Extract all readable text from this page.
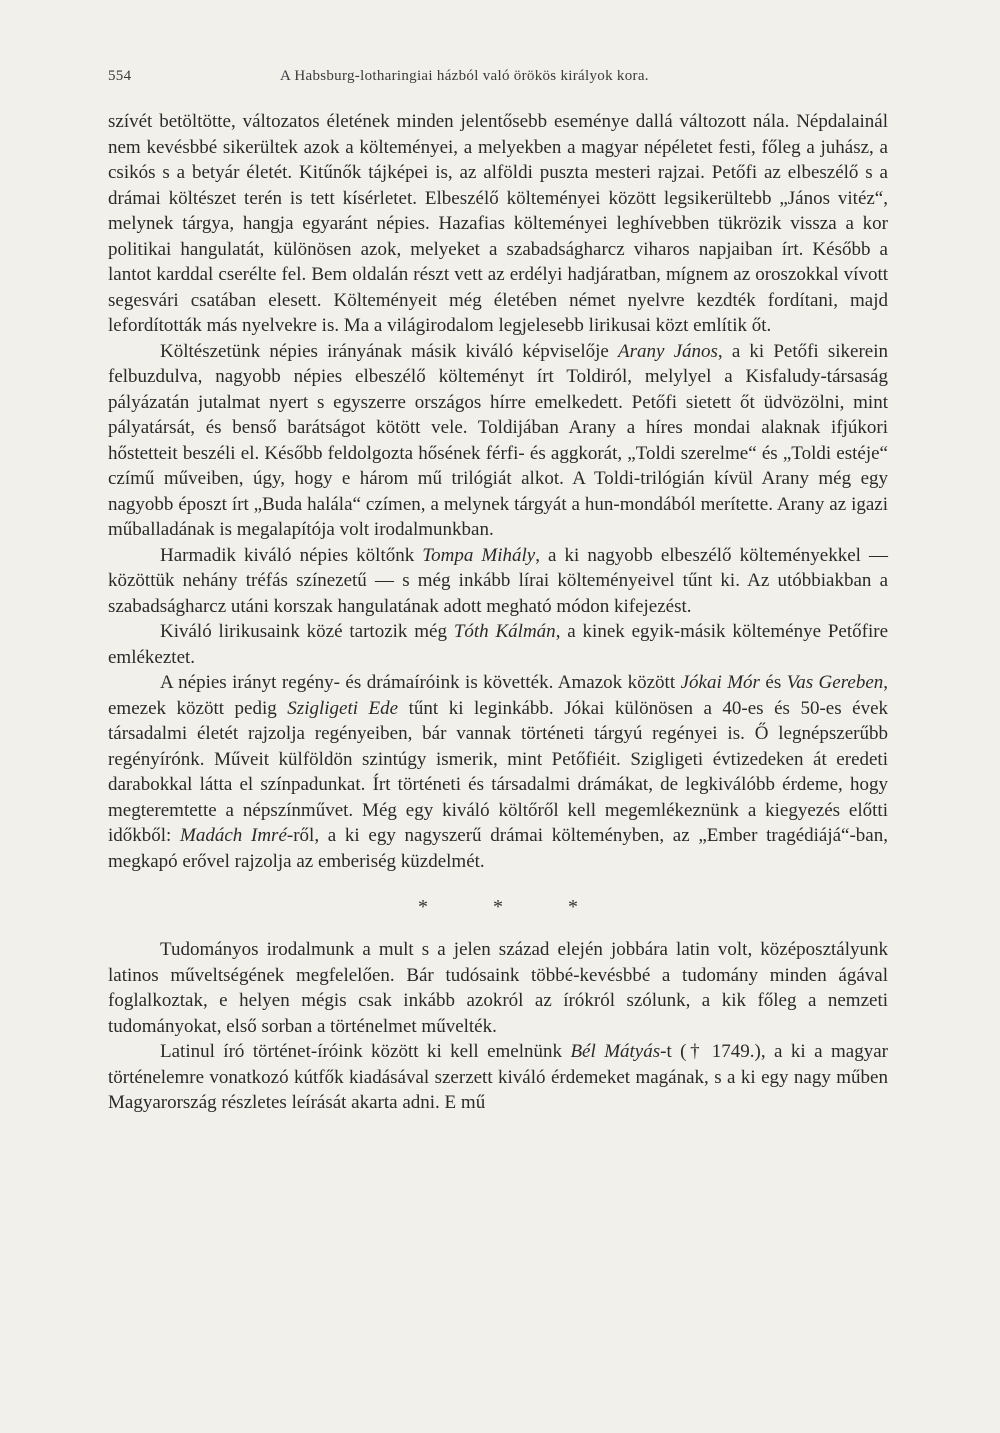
554	A Habsburg-lotharingiai házból való örökös királyok kora.

szívét betöltötte, változatos életének minden jelentősebb eseménye dallá változott nála. Népdalainál nem kevésbbé sikerültek azok a költeményei, a melyekben a magyar népéletet festi, főleg a juhász, a csikós s a betyár életét. Kitűnők tájképei is, az alföldi puszta mesteri rajzai. Petőfi az elbeszélő s a drámai költészet terén is tett kísérletet. Elbeszélő költeményei között legsikerültebb „János vitéz“, melynek tárgya, hangja egyaránt népies. Hazafias költeményei leghívebben tükrözik vissza a kor politikai hangulatát, különösen azok, melyeket a szabadságharcz viharos napjaiban írt. Később a lantot karddal cserélte fel. Bem oldalán részt vett az erdélyi hadjáratban, mígnem az oroszokkal vívott segesvári csatában elesett. Költeményeit még életében német nyelvre kezdték fordítani, majd lefordították más nyelvekre is. Ma a világirodalom legjelesebb lirikusai közt említik őt.

Költészetünk népies irányának másik kiváló képviselője Arany János, a ki Petőfi sikerein felbuzdulva, nagyobb népies elbeszélő költeményt írt Toldiról, melylyel a Kisfaludy-társaság pályázatán jutalmat nyert s egyszerre országos hírre emelkedett. Petőfi sietett őt üdvözölni, mint pályatársát, és benső barátságot kötött vele. Toldijában Arany a híres mondai alaknak ifjúkori hőstetteit beszéli el. Később feldolgozta hősének férfi- és aggkorát, „Toldi szerelme“ és „Toldi estéje“ czímű műveiben, úgy, hogy e három mű trilógiát alkot. A Toldi-trilógián kívül Arany még egy nagyobb époszt írt „Buda halála“ czímen, a melynek tárgyát a hun-mondából merítette. Arany az igazi műballadának is megalapítója volt irodalmunkban.

Harmadik kiváló népies költőnk Tompa Mihály, a ki nagyobb elbeszélő költeményekkel — közöttük nehány tréfás színezetű — s még inkább lírai költeményeivel tűnt ki. Az utóbbiakban a szabadságharcz utáni korszak hangulatának adott megható módon kifejezést.

Kiváló lirikusaink közé tartozik még Tóth Kálmán, a kinek egyik-másik költeménye Petőfire emlékeztet.

A népies irányt regény- és drámaíróink is követték. Amazok között Jókai Mór és Vas Gereben, emezek között pedig Szigligeti Ede tűnt ki leginkább. Jókai különösen a 40-es és 50-es évek társadalmi életét rajzolja regényeiben, bár vannak történeti tárgyú regényei is. Ő legnépszerűbb regényírónk. Műveit külföldön szintúgy ismerik, mint Petőfiéit. Szigligeti évtizedeken át eredeti darabokkal látta el színpadunkat. Írt történeti és társadalmi drámákat, de legkiválóbb érdeme, hogy megteremtette a népszínművet. Még egy kiváló költőről kell megemlékeznünk a kiegyezés előtti időkből: Madách Imré-ről, a ki egy nagyszerű drámai költeményben, az „Ember tragédiájá“-ban, megkapó erővel rajzolja az emberiség küzdelmét.

* * *

Tudományos irodalmunk a mult s a jelen század elején jobbára latin volt, középosztályunk latinos műveltségének megfelelően. Bár tudósaink többé-kevésbbé a tudomány minden ágával foglalkoztak, e helyen mégis csak inkább azokról az írókról szólunk, a kik főleg a nemzeti tudományokat, első sorban a történelmet művelték.

Latinul író történet-íróink között ki kell emelnünk Bél Mátyás-t († 1749.), a ki a magyar történelemre vonatkozó kútfők kiadásával szerzett kiváló érdemeket magának, s a ki egy nagy műben Magyarország részletes leírását akarta adni. E mű
